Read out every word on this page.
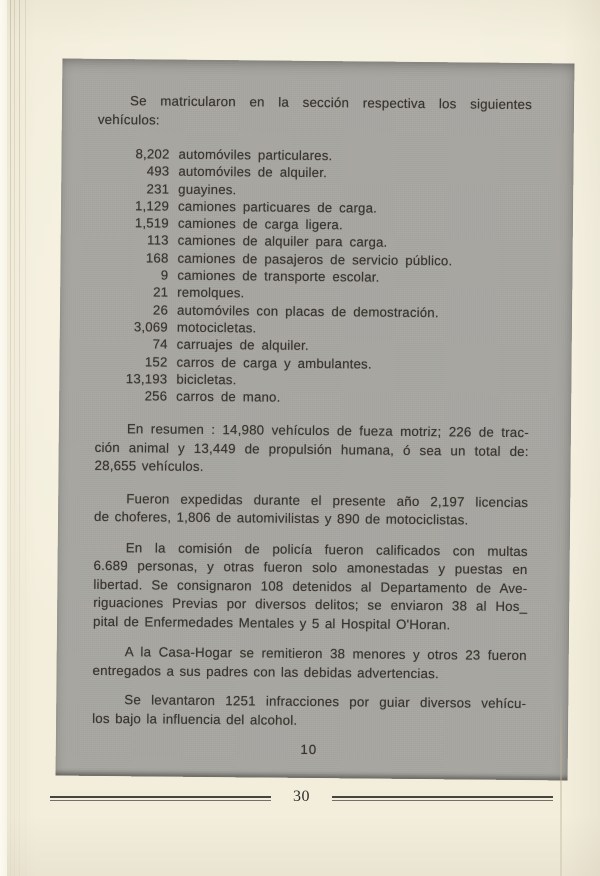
Se matricularon en la sección respectiva los siguientes
vehículos:
8,202 automóviles particulares.
493 automóviles de alquiler.
231 guayines.
1,129 camiones particuares de carga.
1,519 camiones de carga ligera.
113 camiones de alquiler para carga.
168 camiones de pasajeros de servicio público.
9 camiones de transporte escolar.
21 remolques.
26 automóviles con placas de demostración.
3,069 motocicletas.
74 carruajes de alquiler.
152 carros de carga y ambulantes.
13,193 bicicletas.
256 carros de mano.
En resumen : 14,980 vehículos de fueza motriz; 226 de trac-
ción animal y 13,449 de propulsión humana, ó sea un total de:
28,655 vehículos.
Fueron expedidas durante el presente año 2,197 licencias
de choferes, 1,806 de automivilistas y 890 de motociclistas.
En la comisión de policía fueron calificados con multas
6.689 personas, y otras fueron solo amonestadas y puestas en
libertad. Se consignaron 108 detenidos al Departamento de Ave-
riguaciones Previas por diversos delitos; se enviaron 38 al Hos_
pital de Enfermedades Mentales y 5 al Hospital O'Horan.
A la Casa-Hogar se remitieron 38 menores y otros 23 fueron
entregados a sus padres con las debidas advertencias.
Se levantaron 1251 infracciones por guiar diversos vehícu-
los bajo la influencia del alcohol.
10
30
